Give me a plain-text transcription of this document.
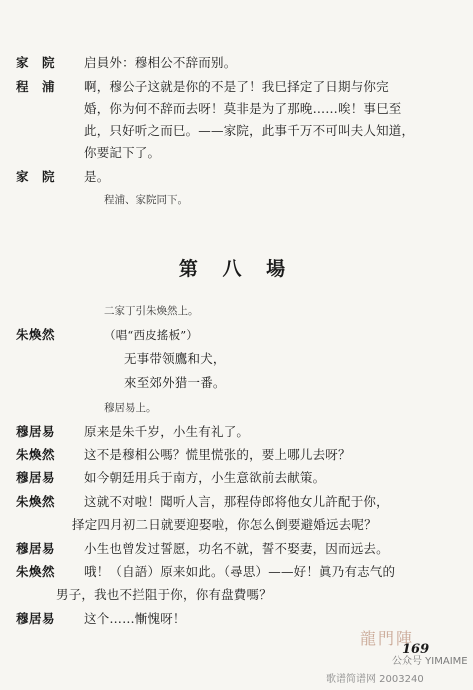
家　院 启員外：穆相公不辞而别。
程　浦 啊，穆公子这就是你的不是了！我巳择定了日期与你完
婚，你为何不辞而去呀！莫非是为了那晚……唉！事巳至
此，只好听之而巳。——家院，此事千万不可叫夫人知道，
你要記下了。
家　院 是。
程浦、家院同下。
第 八 場
二家丁引朱煥然上。
朱煥然	（唱“西皮搖板”）
无事带领鷹和犬，
來至郊外猎一番。
穆居易上。
穆居易 原来是朱千岁，小生有礼了。
朱煥然 这不是穆相公嗎？慌里慌张的，要上哪儿去呀？
穆居易 如今朝廷用兵于南方，小生意欲前去献策。
朱煥然 这就不对啦！聞听人言，那程侍郎将他女儿許配于你，
择定四月初二日就要迎娶啦，你怎么倒要避婚远去呢？
穆居易 小生也曾发过誓愿，功名不就，誓不娶妻，因而远去。
朱煥然 哦！（自語）原来如此。（尋思）——好！眞乃有志气的
男子，我也不拦阻于你，你有盘費嗎？
穆居易 这个……慚愧呀！
龍門陣
169
公众号 YIMAIME
歌谱简谱网 2003240
